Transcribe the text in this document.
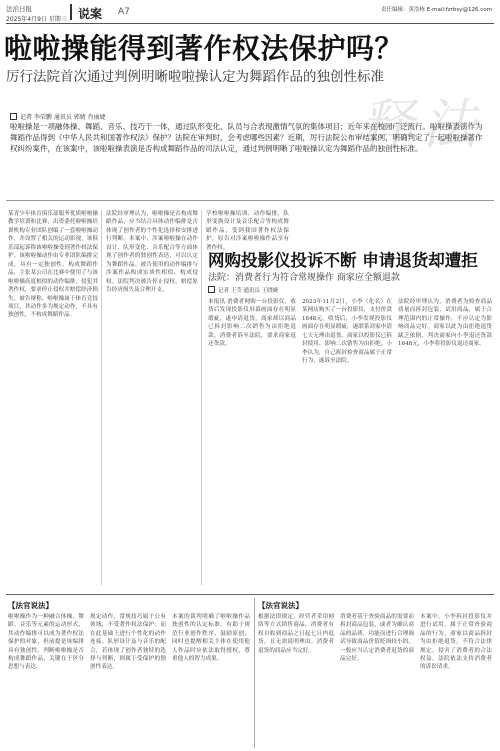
法治日报
2025年4月9日 星期三 说案 A7	责任编辑：黄浩栋 E-mail:fzrbsy@126.com
啦啦操能得到著作权法保护吗？
厉行法院首次通过判例明晰啦啦操认定为舞蹈作品的独创性标准
释法
记者 李荣鹏 通讯员 郭婧 肖丽婕
啦啦操是一项融体操、舞蹈、音乐、技巧于一体，通过队形变化、队员与合表现激情气氛的集体项目；近年来在校园广泛流行。啦啦操表演作为舞蹈作品得到《中华人民共和国著作权法》保护？法院在审判时，会考虑哪些因素？近期，厉行法院公布审结案例，明确判定了一起啦啦操著作权纠纷案件，在该案中，该啦啦操表演是否构成舞蹈作品的司法认定，通过判例明晰了啦啦操认定为舞蹈作品的独创性标准。
某青少年体育俱乐部服务优质啦啦操教学培训和比赛，出资委托啦啦操培训机构专业团队创编了一套啦啦操动作，并设置了相关的运动影视，该俱乐部起诉称该啦啦操受到著作权法保护。该啦啦操动作由专业团队编排完成，具有一定独创性，构成舞蹈作品，主张某公司在比赛中使用了与该啦啦操高度相似的动作编排，侵犯其著作权，要求停止侵权并赔偿经济损失。被告辩称，啦啦操属于体育竞技项目，其动作多为规定动作，不具有独创性，不构成舞蹈作品。
法院经审理认为，啦啦操是否构成舞蹈作品，应当结合具体动作编排是否体现了创作者的个性化选择和安排进行判断。本案中，涉案啦啦操在动作设计、队形变化、音乐配合等方面体现了创作者的独创性表达，可以认定为舞蹈作品。被告使用的动作编排与涉案作品构成实质性相似，构成侵权。法院判决被告停止侵权，赔偿原告经济损失及合理开支。
学校啦啦操培训、动作编排、队形变换设计及音乐配合等构成舞蹈作品，受到我国著作权法保护，原告对涉案啦啦操作品享有著作权。
网购投影仪投诉不断 申请退货却遭拒
法院：消费者行为符合常规操作 商家应全额退款
记者 王莹 通讯员 王晓婉
本报讯 消费者网购一台投影仪，收货后发现投影仪屏幕画面存在明显瑕疵，遂申请退货，商家却以商品已拆封影响二次销售为由拒绝退款。消费者诉至法院，要求商家退还货款。
2023年11月2日，小李（化名）在某网店购买了一台投影仪，支付价款1648元。收货后，小李发现投影仪画面存在明显瑕疵，遂联系商家申请七天无理由退货。商家以投影仪已拆封使用、影响二次销售为由拒绝。小李认为，自己拆封检查商品属于正常行为，遂诉至法院。
法院经审理认为，消费者为检查商品质量而拆封包装、试用商品，属于合理范围内的正常操作，不应认定为影响商品完好。商家以此为由拒绝退货缺乏依据，判决商家向小李退还货款1648元，小李将投影仪退还商家。
【法官说法】
啦啦操作为一种融合体操、舞蹈、音乐等元素的运动形式，其动作编排可以成为著作权法保护的对象，但前提是该编排具有独创性。判断啦啦操是否构成舞蹈作品，关键在于区分思想与表达。
规定动作、常规技巧属于公有领域，不受著作权法保护；而在此基础上进行个性化的动作连接、队形设计及与音乐的配合，若体现了创作者独特的选择与判断，则属于受保护的独创性表达。
本案的裁判明确了啦啦操作品独创性的认定标准，有助于规范行业创作秩序，鼓励原创，同时也提醒相关主体在使用他人作品时应依法取得授权，尊重他人的智力成果。
【法官说法】
根据法律规定，经营者采用网络等方式销售商品，消费者有权自收到商品之日起七日内退货，且无需说明理由。消费者退货的商品应当完好。
消费者基于查验商品的需要而拆封商品包装，或者为确认商品的品质、功能而进行合理调试导致商品价值贬损较小的，一般应当认定消费者退货的商品完好。
本案中，小李拆封投影仪并进行试用，属于正常查验商品的行为，商家以商品拆封为由拒绝退货，不符合法律规定，侵害了消费者的合法权益，法院依法支持消费者的诉讼请求。
